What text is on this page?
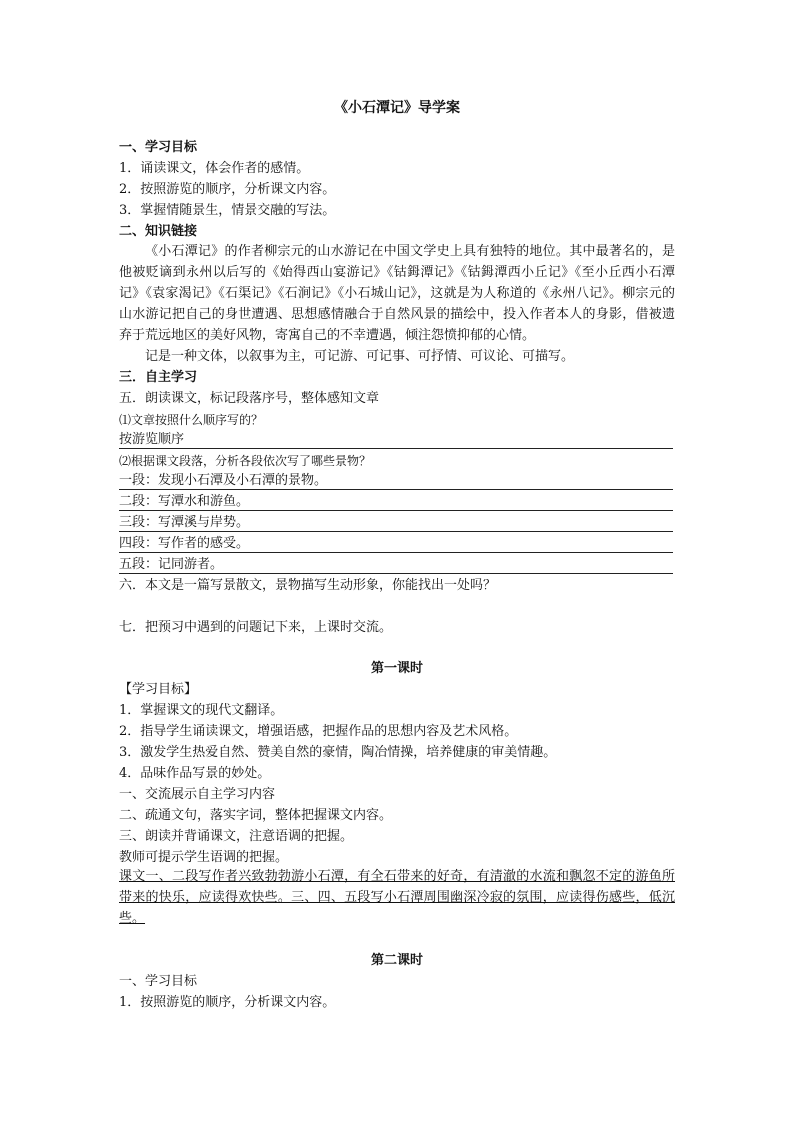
《小石潭记》导学案
一、学习目标
1．诵读课文，体会作者的感情。
2．按照游览的顺序，分析课文内容。
3．掌握情随景生，情景交融的写法。
二、知识链接
《小石潭记》的作者柳宗元的山水游记在中国文学史上具有独特的地位。其中最著名的，是他被贬谪到永州以后写的《始得西山宴游记》《钴鉧潭记》《钴鉧潭西小丘记》《至小丘西小石潭记》《袁家渴记》《石渠记》《石涧记》《小石城山记》，这就是为人称道的《永州八记》。柳宗元的山水游记把自己的身世遭遇、思想感情融合于自然风景的描绘中，投入作者本人的身影，借被遗弃于荒远地区的美好风物，寄寓自己的不幸遭遇，倾注怨愤抑郁的心情。
记是一种文体，以叙事为主，可记游、可记事、可抒情、可议论、可描写。
三．自主学习
五．朗读课文，标记段落序号，整体感知文章
⑴文章按照什么顺序写的？
按游览顺序
⑵根据课文段落，分析各段依次写了哪些景物？
一段：发现小石潭及小石潭的景物。
二段：写潭水和游鱼。
三段：写潭溪与岸势。
四段：写作者的感受。
五段：记同游者。
六．本文是一篇写景散文，景物描写生动形象，你能找出一处吗？
七．把预习中遇到的问题记下来，上课时交流。
第一课时
【学习目标】
1．掌握课文的现代文翻译。
2．指导学生诵读课文，增强语感，把握作品的思想内容及艺术风格。
3．激发学生热爱自然、赞美自然的豪情，陶冶情操，培养健康的审美情趣。
4．品味作品写景的妙处。
一、交流展示自主学习内容
二、疏通文句，落实字词，整体把握课文内容。
三、朗读并背诵课文，注意语调的把握。
教师可提示学生语调的把握。
课文一、二段写作者兴致勃勃游小石潭，有全石带来的好奇，有清澈的水流和飘忽不定的游鱼所带来的快乐，应读得欢快些。三、四、五段写小石潭周围幽深冷寂的氛围，应读得伤感些，低沉些。
第二课时
一、学习目标
1．按照游览的顺序，分析课文内容。
